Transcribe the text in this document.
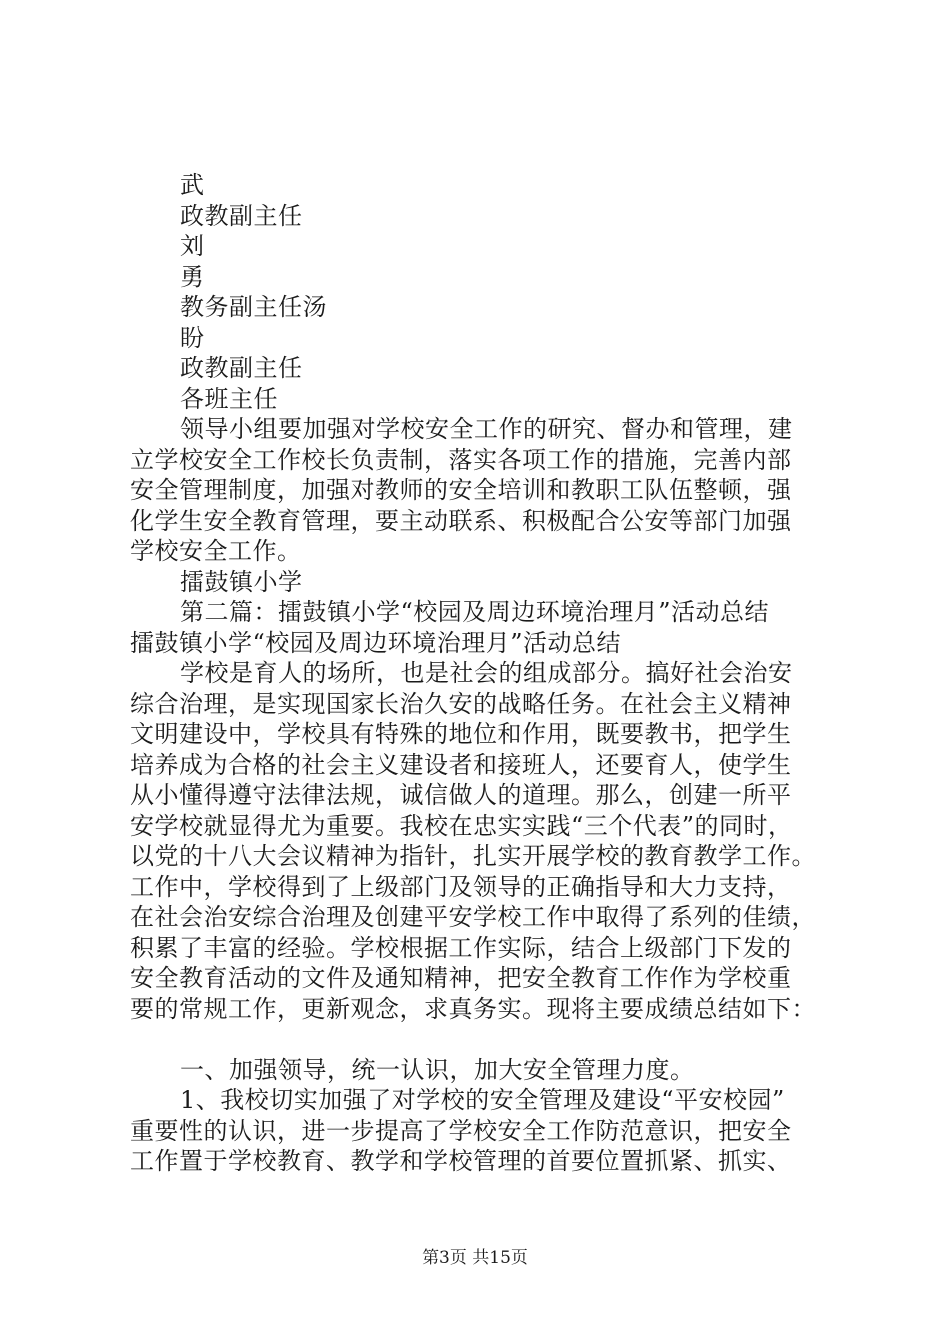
武
政教副主任
刘
勇
教务副主任汤
盼
政教副主任
各班主任
领导小组要加强对学校安全工作的研究、督办和管理，建
立学校安全工作校长负责制，落实各项工作的措施，完善内部
安全管理制度，加强对教师的安全培训和教职工队伍整顿，强
化学生安全教育管理，要主动联系、积极配合公安等部门加强
学校安全工作。
擂鼓镇小学
第二篇：擂鼓镇小学“校园及周边环境治理月”活动总结
擂鼓镇小学“校园及周边环境治理月”活动总结
学校是育人的场所，也是社会的组成部分。搞好社会治安
综合治理，是实现国家长治久安的战略任务。在社会主义精神
文明建设中，学校具有特殊的地位和作用，既要教书，把学生
培养成为合格的社会主义建设者和接班人，还要育人，使学生
从小懂得遵守法律法规，诚信做人的道理。那么，创建一所平
安学校就显得尤为重要。我校在忠实实践“三个代表”的同时，
以党的十八大会议精神为指针，扎实开展学校的教育教学工作。
工作中，学校得到了上级部门及领导的正确指导和大力支持，
在社会治安综合治理及创建平安学校工作中取得了系列的佳绩，
积累了丰富的经验。学校根据工作实际，结合上级部门下发的
安全教育活动的文件及通知精神，把安全教育工作作为学校重
要的常规工作，更新观念，求真务实。现将主要成绩总结如下：
一、加强领导，统一认识，加大安全管理力度。
1、我校切实加强了对学校的安全管理及建设“平安校园”
重要性的认识，进一步提高了学校安全工作防范意识，把安全
工作置于学校教育、教学和学校管理的首要位置抓紧、抓实、
第3页 共15页
